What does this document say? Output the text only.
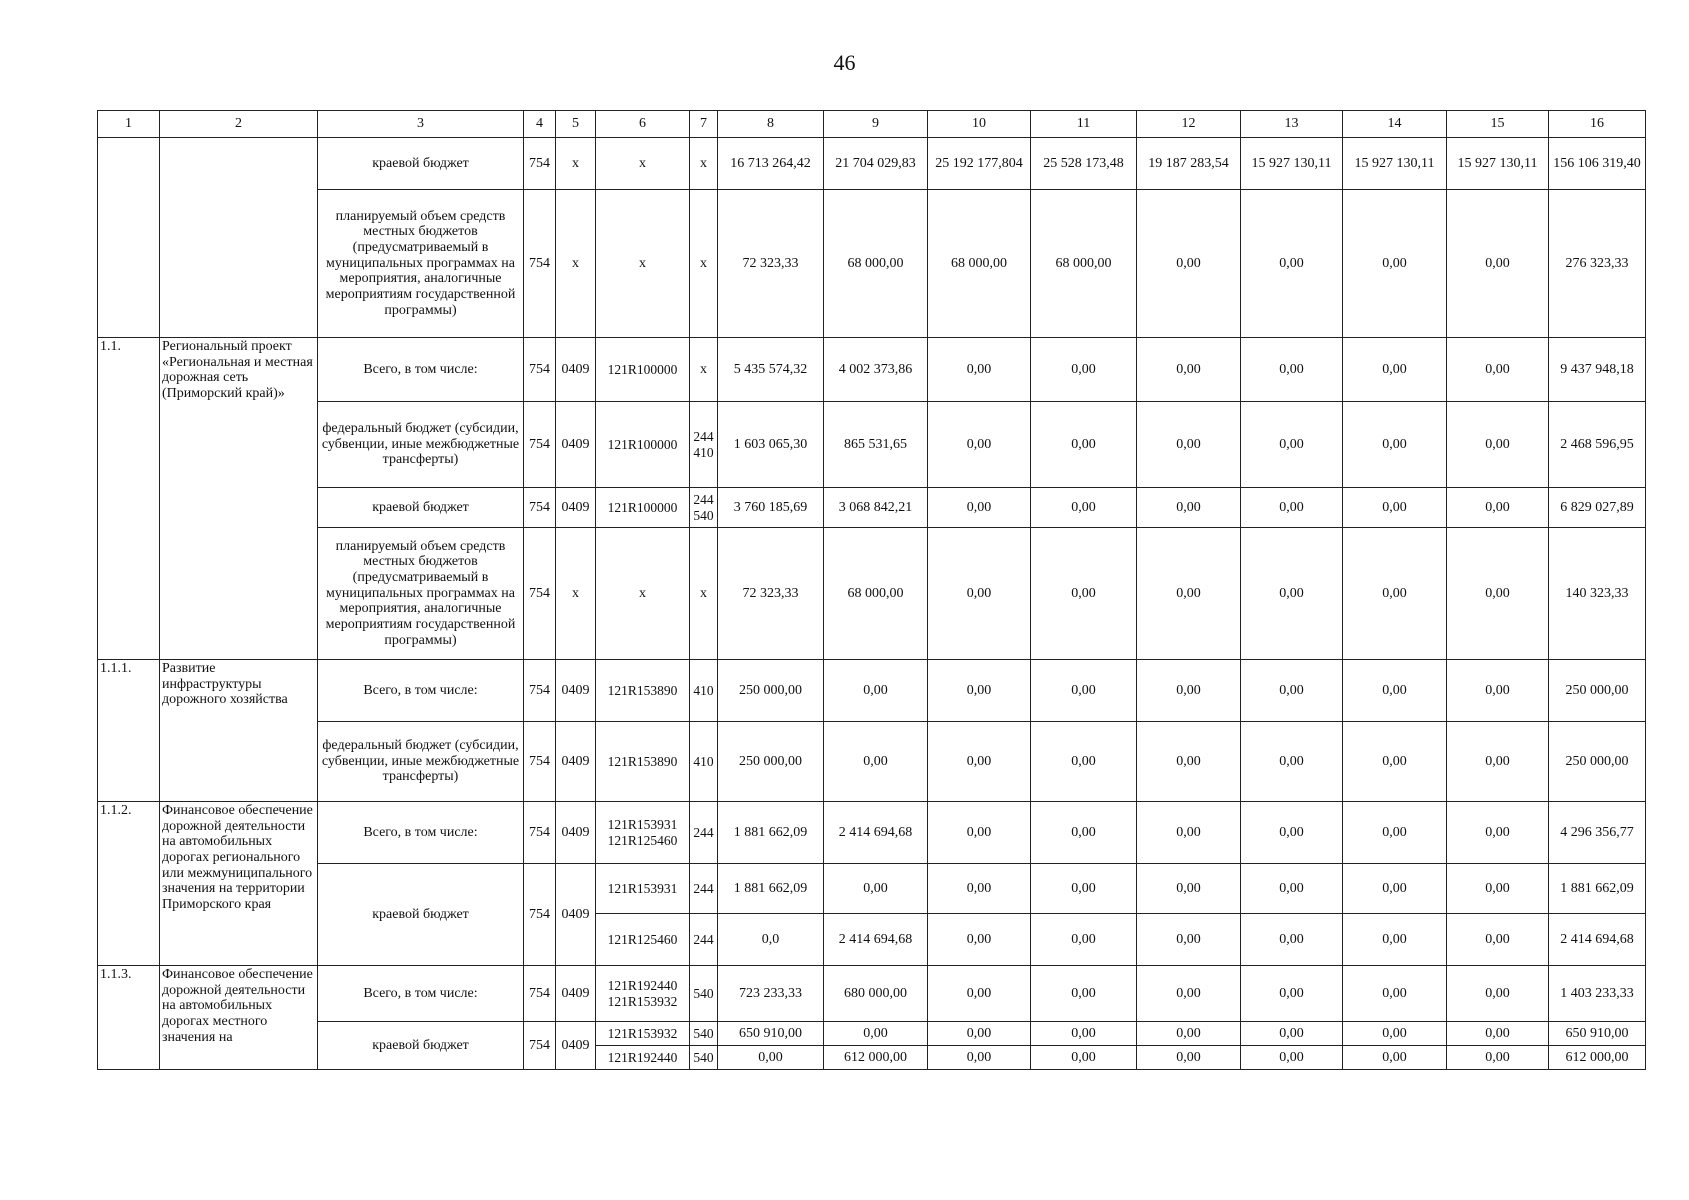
46
1	2	3	4	5	6	7	8	9	10	11	12	13	14	15	16
		краевой бюджет	754	х	х	х	16 713 264,42	21 704 029,83	25 192 177,804	25 528 173,48	19 187 283,54	15 927 130,11	15 927 130,11	15 927 130,11	156 106 319,40
		планируемый объем средств местных бюджетов (предусматриваемый в муниципальных программах на мероприятия, аналогичные мероприятиям государственной программы)	754	х	х	х	72 323,33	68 000,00	68 000,00	68 000,00	0,00	0,00	0,00	0,00	276 323,33
1.1.	Региональный проект «Региональная и местная дорожная сеть (Приморский край)»	Всего, в том числе:	754	0409	121R100000	х	5 435 574,32	4 002 373,86	0,00	0,00	0,00	0,00	0,00	0,00	9 437 948,18
		федеральный бюджет (субсидии, субвенции, иные межбюджетные трансферты)	754	0409	121R100000	244 410	1 603 065,30	865 531,65	0,00	0,00	0,00	0,00	0,00	0,00	2 468 596,95
		краевой бюджет	754	0409	121R100000	244 540	3 760 185,69	3 068 842,21	0,00	0,00	0,00	0,00	0,00	0,00	6 829 027,89
		планируемый объем средств местных бюджетов (предусматриваемый в муниципальных программах на мероприятия, аналогичные мероприятиям государственной программы)	754	х	х	х	72 323,33	68 000,00	0,00	0,00	0,00	0,00	0,00	0,00	140 323,33
1.1.1.	Развитие инфраструктуры дорожного хозяйства	Всего, в том числе:	754	0409	121R153890	410	250 000,00	0,00	0,00	0,00	0,00	0,00	0,00	0,00	250 000,00
		федеральный бюджет (субсидии, субвенции, иные межбюджетные трансферты)	754	0409	121R153890	410	250 000,00	0,00	0,00	0,00	0,00	0,00	0,00	0,00	250 000,00
1.1.2.	Финансовое обеспечение дорожной деятельности на автомобильных дорогах регионального или межмуниципального значения на территории Приморского края	Всего, в том числе:	754	0409	121R153931 121R125460	244	1 881 662,09	2 414 694,68	0,00	0,00	0,00	0,00	0,00	0,00	4 296 356,77
		краевой бюджет	754	0409	121R153931	244	1 881 662,09	0,00	0,00	0,00	0,00	0,00	0,00	0,00	1 881 662,09
					121R125460	244	0,0	2 414 694,68	0,00	0,00	0,00	0,00	0,00	0,00	2 414 694,68
1.1.3.	Финансовое обеспечение дорожной деятельности на автомобильных дорогах местного значения на	Всего, в том числе:	754	0409	121R192440 121R153932	540	723 233,33	680 000,00	0,00	0,00	0,00	0,00	0,00	0,00	1 403 233,33
		краевой бюджет	754	0409	121R153932	540	650 910,00	0,00	0,00	0,00	0,00	0,00	0,00	0,00	650 910,00
					121R192440	540	0,00	612 000,00	0,00	0,00	0,00	0,00	0,00	0,00	612 000,00
